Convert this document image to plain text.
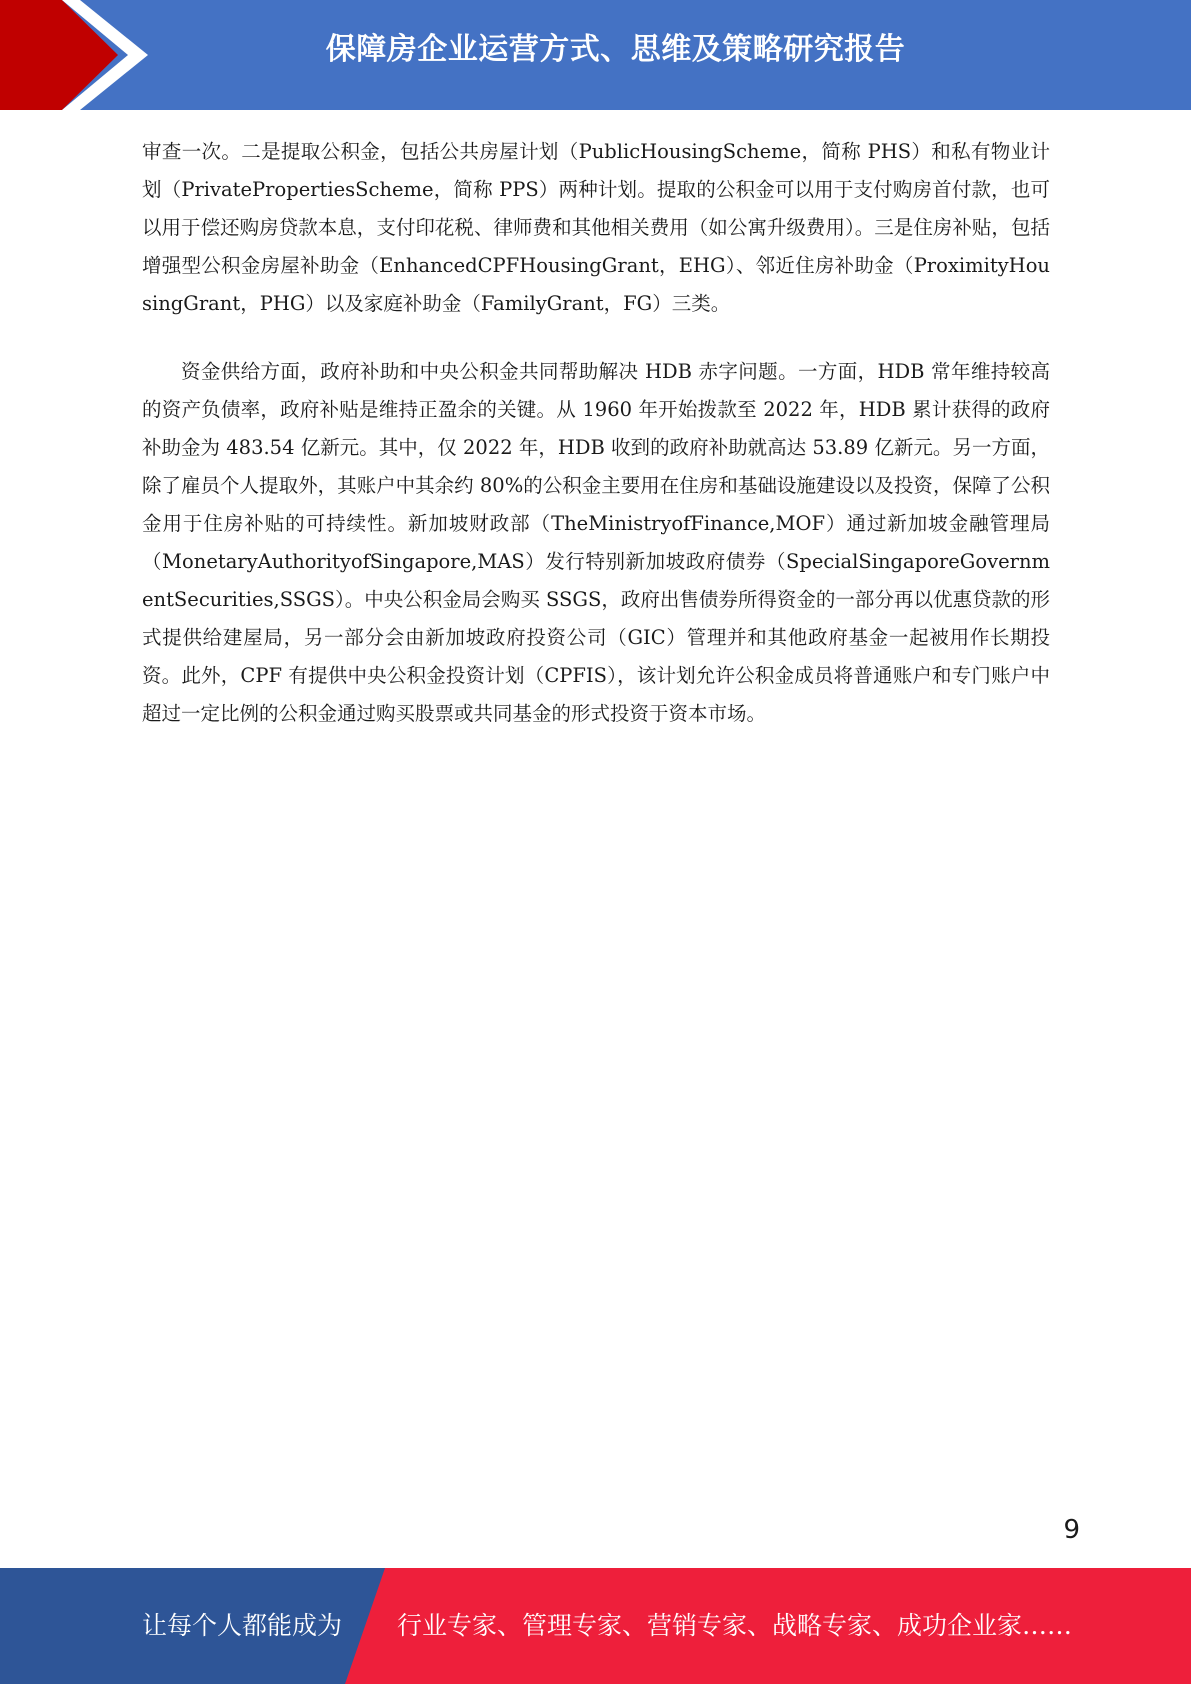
保障房企业运营方式、思维及策略研究报告

审查一次。二是提取公积金，包括公共房屋计划（PublicHousingScheme，简称 PHS）和私有物业计划（PrivatePropertiesScheme，简称 PPS）两种计划。提取的公积金可以用于支付购房首付款，也可以用于偿还购房贷款本息，支付印花税、律师费和其他相关费用（如公寓升级费用）。三是住房补贴，包括增强型公积金房屋补助金（EnhancedCPFHousingGrant，EHG）、邻近住房补助金（ProximityHousingGrant，PHG）以及家庭补助金（FamilyGrant，FG）三类。

资金供给方面，政府补助和中央公积金共同帮助解决 HDB 赤字问题。一方面，HDB 常年维持较高的资产负债率，政府补贴是维持正盈余的关键。从 1960 年开始拨款至 2022 年，HDB 累计获得的政府补助金为 483.54 亿新元。其中，仅 2022 年，HDB 收到的政府补助就高达 53.89 亿新元。另一方面，除了雇员个人提取外，其账户中其余约 80%的公积金主要用在住房和基础设施建设以及投资，保障了公积金用于住房补贴的可持续性。新加坡财政部（TheMinistryofFinance,MOF）通过新加坡金融管理局（MonetaryAuthorityofSingapore,MAS）发行特别新加坡政府债券（SpecialSingaporeGovernmentSecurities,SSGS）。中央公积金局会购买 SSGS，政府出售债券所得资金的一部分再以优惠贷款的形式提供给建屋局，另一部分会由新加坡政府投资公司（GIC）管理并和其他政府基金一起被用作长期投资。此外，CPF 有提供中央公积金投资计划（CPFIS），该计划允许公积金成员将普通账户和专门账户中超过一定比例的公积金通过购买股票或共同基金的形式投资于资本市场。

9
让每个人都能成为 行业专家、管理专家、营销专家、战略专家、成功企业家……
